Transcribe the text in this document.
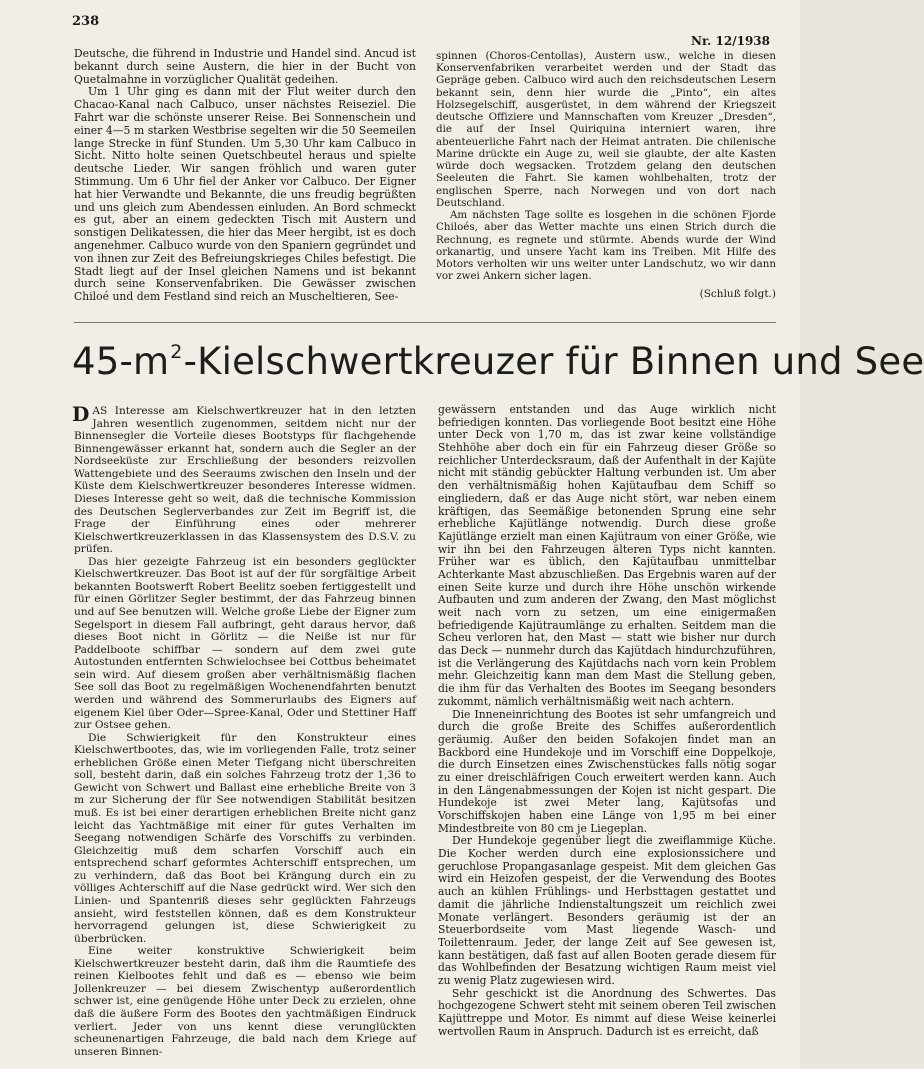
238
Nr. 12/1938

Deutsche, die führend in Industrie und Handel sind. Ancud ist bekannt durch seine Austern, die hier in der Bucht von Quetalmahne in vorzüglicher Qualität gedeihen.

Um 1 Uhr ging es dann mit der Flut weiter durch den Chacao-Kanal nach Calbuco, unser nächstes Reiseziel. Die Fahrt war die schönste unserer Reise. Bei Sonnenschein und einer 4—5 m starken Westbrise segelten wir die 50 Seemeilen lange Strecke in fünf Stunden. Um 5,30 Uhr kam Calbuco in Sicht. Nitto holte seinen Quetschbeutel heraus und spielte deutsche Lieder. Wir sangen fröhlich und waren guter Stimmung. Um 6 Uhr fiel der Anker vor Calbuco. Der Eigner hat hier Verwandte und Bekannte, die uns freudig begrüßten und uns gleich zum Abendessen einluden. An Bord schmeckt es gut, aber an einem gedeckten Tisch mit Austern und sonstigen Delikatessen, die hier das Meer hergibt, ist es doch angenehmer. Calbuco wurde von den Spaniern gegründet und von ihnen zur Zeit des Befreiungskrieges Chiles befestigt. Die Stadt liegt auf der Insel gleichen Namens und ist bekannt durch seine Konservenfabriken. Die Gewässer zwischen Chiloé und dem Festland sind reich an Muscheltieren, See-

spinnen (Choros-Centollas), Austern usw., welche in diesen Konservenfabriken verarbeitet werden und der Stadt das Gepräge geben. Calbuco wird auch den reichsdeutschen Lesern bekannt sein, denn hier wurde die „Pinto“, ein altes Holzsegelschiff, ausgerüstet, in dem während der Kriegszeit deutsche Offiziere und Mannschaften vom Kreuzer „Dresden“, die auf der Insel Quiriquina interniert waren, ihre abenteuerliche Fahrt nach der Heimat antraten. Die chilenische Marine drückte ein Auge zu, weil sie glaubte, der alte Kasten würde doch wegsacken. Trotzdem gelang den deutschen Seeleuten die Fahrt. Sie kamen wohlbehalten, trotz der englischen Sperre, nach Norwegen und von dort nach Deutschland.

Am nächsten Tage sollte es losgehen in die schönen Fjorde Chiloés, aber das Wetter machte uns einen Strich durch die Rechnung, es regnete und stürmte. Abends wurde der Wind orkanartig, und unsere Yacht kam ins Treiben. Mit Hilfe des Motors verholten wir uns weiter unter Landschutz, wo wir dann vor zwei Ankern sicher lagen.

(Schluß folgt.)

$45-m^2$-Kielschwertkreuzer für Binnen und See

DAS Interesse am Kielschwertkreuzer hat in den letzten Jahren wesentlich zugenommen, seitdem nicht nur der Binnensegler die Vorteile dieses Bootstyps für flachgehende Binnengewässer erkannt hat, sondern auch die Segler an der Nordseeküste zur Erschließung der besonders reizvollen Wattengebiete und des Seeraums zwischen den Inseln und der Küste dem Kielschwertkreuzer besonderes Interesse widmen. Dieses Interesse geht so weit, daß die technische Kommission des Deutschen Seglerverbandes zur Zeit im Begriff ist, die Frage der Einführung eines oder mehrerer Kielschwertkreuzerklassen in das Klassensystem des D.S.V. zu prüfen.

Das hier gezeigte Fahrzeug ist ein besonders geglückter Kielschwertkreuzer. Das Boot ist auf der für sorgfältige Arbeit bekannten Bootswerft Robert Beelitz soeben fertiggestellt und für einen Görlitzer Segler bestimmt, der das Fahrzeug binnen und auf See benutzen will. Welche große Liebe der Eigner zum Segelsport in diesem Fall aufbringt, geht daraus hervor, daß dieses Boot nicht in Görlitz — die Neiße ist nur für Paddelboote schiffbar — sondern auf dem zwei gute Autostunden entfernten Schwielochsee bei Cottbus beheimatet sein wird. Auf diesem großen aber verhältnismäßig flachen See soll das Boot zu regelmäßigen Wochenendfahrten benutzt werden und während des Sommerurlaubs des Eigners auf eigenem Kiel über Oder—Spree-Kanal, Oder und Stettiner Haff zur Ostsee gehen.

Die Schwierigkeit für den Konstrukteur eines Kielschwertbootes, das, wie im vorliegenden Falle, trotz seiner erheblichen Größe einen Meter Tiefgang nicht überschreiten soll, besteht darin, daß ein solches Fahrzeug trotz der 1,36 to Gewicht von Schwert und Ballast eine erhebliche Breite von 3 m zur Sicherung der für See notwendigen Stabilität besitzen muß. Es ist bei einer derartigen erheblichen Breite nicht ganz leicht das Yachtmäßige mit einer für gutes Verhalten im Seegang notwendigen Schärfe des Vorschiffs zu verbinden. Gleichzeitig muß dem scharfen Vorschiff auch ein entsprechend scharf geformtes Achterschiff entsprechen, um zu verhindern, daß das Boot bei Krängung durch ein zu völliges Achterschiff auf die Nase gedrückt wird. Wer sich den Linien- und Spantenriß dieses sehr geglückten Fahrzeugs ansieht, wird feststellen können, daß es dem Konstrukteur hervorragend gelungen ist, diese Schwierigkeit zu überbrücken.

Eine weiter konstruktive Schwierigkeit beim Kielschwertkreuzer besteht darin, daß ihm die Raumtiefe des reinen Kielbootes fehlt und daß es — ebenso wie beim Jollenkreuzer — bei diesem Zwischentyp außerordentlich schwer ist, eine genügende Höhe unter Deck zu erzielen, ohne daß die äußere Form des Bootes den yachtmäßigen Eindruck verliert. Jeder von uns kennt diese verunglückten scheunenartigen Fahrzeuge, die bald nach dem Kriege auf unseren Binnen-

gewässern entstanden und das Auge wirklich nicht befriedigen konnten. Das vorliegende Boot besitzt eine Höhe unter Deck von 1,70 m, das ist zwar keine vollständige Stehhöhe aber doch ein für ein Fahrzeug dieser Größe so reichlicher Unterdecksraum, daß der Aufenthalt in der Kajüte nicht mit ständig gebückter Haltung verbunden ist. Um aber den verhältnismäßig hohen Kajütaufbau dem Schiff so eingliedern, daß er das Auge nicht stört, war neben einem kräftigen, das Seemäßige betonenden Sprung eine sehr erhebliche Kajütlänge notwendig. Durch diese große Kajütlänge erzielt man einen Kajütraum von einer Größe, wie wir ihn bei den Fahrzeugen älteren Typs nicht kannten. Früher war es üblich, den Kajütaufbau unmittelbar Achterkante Mast abzuschließen. Das Ergebnis waren auf der einen Seite kurze und durch ihre Höhe unschön wirkende Aufbauten und zum anderen der Zwang, den Mast möglichst weit nach vorn zu setzen, um eine einigermaßen befriedigende Kajütraumlänge zu erhalten. Seitdem man die Scheu verloren hat, den Mast — statt wie bisher nur durch das Deck — nunmehr durch das Kajütdach hindurchzuführen, ist die Verlängerung des Kajütdachs nach vorn kein Problem mehr. Gleichzeitig kann man dem Mast die Stellung geben, die ihm für das Verhalten des Bootes im Seegang besonders zukommt, nämlich verhältnismäßig weit nach achtern.

Die Inneneinrichtung des Bootes ist sehr umfangreich und durch die große Breite des Schiffes außerordentlich geräumig. Außer den beiden Sofakojen findet man an Backbord eine Hundekoje und im Vorschiff eine Doppelkoje, die durch Einsetzen eines Zwischenstückes falls nötig sogar zu einer dreischläfrigen Couch erweitert werden kann. Auch in den Längenabmessungen der Kojen ist nicht gespart. Die Hundekoje ist zwei Meter lang, Kajütsofas und Vorschiffskojen haben eine Länge von 1,95 m bei einer Mindestbreite von 80 cm je Liegeplan.

Der Hundekoje gegenüber liegt die zweiflammige Küche. Die Kocher werden durch eine explosionssichere und geruchlose Propangasanlage gespeist. Mit dem gleichen Gas wird ein Heizofen gespeist, der die Verwendung des Bootes auch an kühlen Frühlings- und Herbsttagen gestattet und damit die jährliche Indienstaltungszeit um reichlich zwei Monate verlängert. Besonders geräumig ist der an Steuerbordseite vom Mast liegende Wasch- und Toilettenraum. Jeder, der lange Zeit auf See gewesen ist, kann bestätigen, daß fast auf allen Booten gerade diesem für das Wohlbefinden der Besatzung wichtigen Raum meist viel zu wenig Platz zugewiesen wird.

Sehr geschickt ist die Anordnung des Schwertes. Das hochgezogene Schwert steht mit seinem oberen Teil zwischen Kajüttreppe und Motor. Es nimmt auf diese Weise keinerlei wertvollen Raum in Anspruch. Dadurch ist es erreicht, daß
